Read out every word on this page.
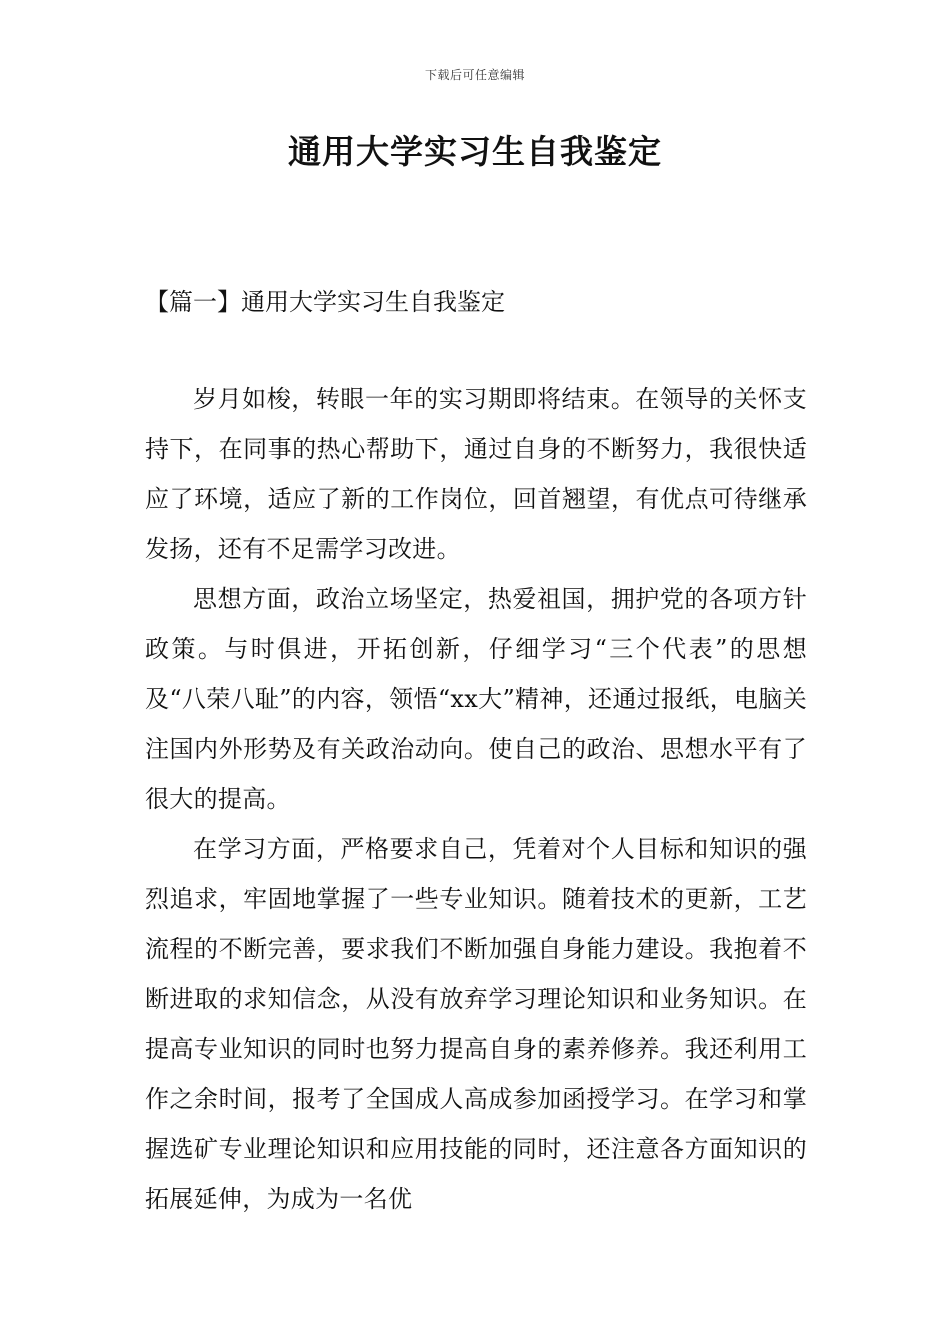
下载后可任意编辑
通用大学实习生自我鉴定
【篇一】通用大学实习生自我鉴定

岁月如梭，转眼一年的实习期即将结束。在领导的关怀支持下，在同事的热心帮助下，通过自身的不断努力，我很快适应了环境，适应了新的工作岗位，回首翘望，有优点可待继承发扬，还有不足需学习改进。

思想方面，政治立场坚定，热爱祖国，拥护党的各项方针政策。与时俱进，开拓创新，仔细学习“三个代表”的思想及“八荣八耻”的内容，领悟“xx大”精神，还通过报纸，电脑关注国内外形势及有关政治动向。使自己的政治、思想水平有了很大的提高。

在学习方面，严格要求自己，凭着对个人目标和知识的强烈追求，牢固地掌握了一些专业知识。随着技术的更新，工艺流程的不断完善，要求我们不断加强自身能力建设。我抱着不断进取的求知信念，从没有放弃学习理论知识和业务知识。在提高专业知识的同时也努力提高自身的素养修养。我还利用工作之余时间，报考了全国成人高成参加函授学习。在学习和掌握选矿专业理论知识和应用技能的同时，还注意各方面知识的拓展延伸，为成为一名优
